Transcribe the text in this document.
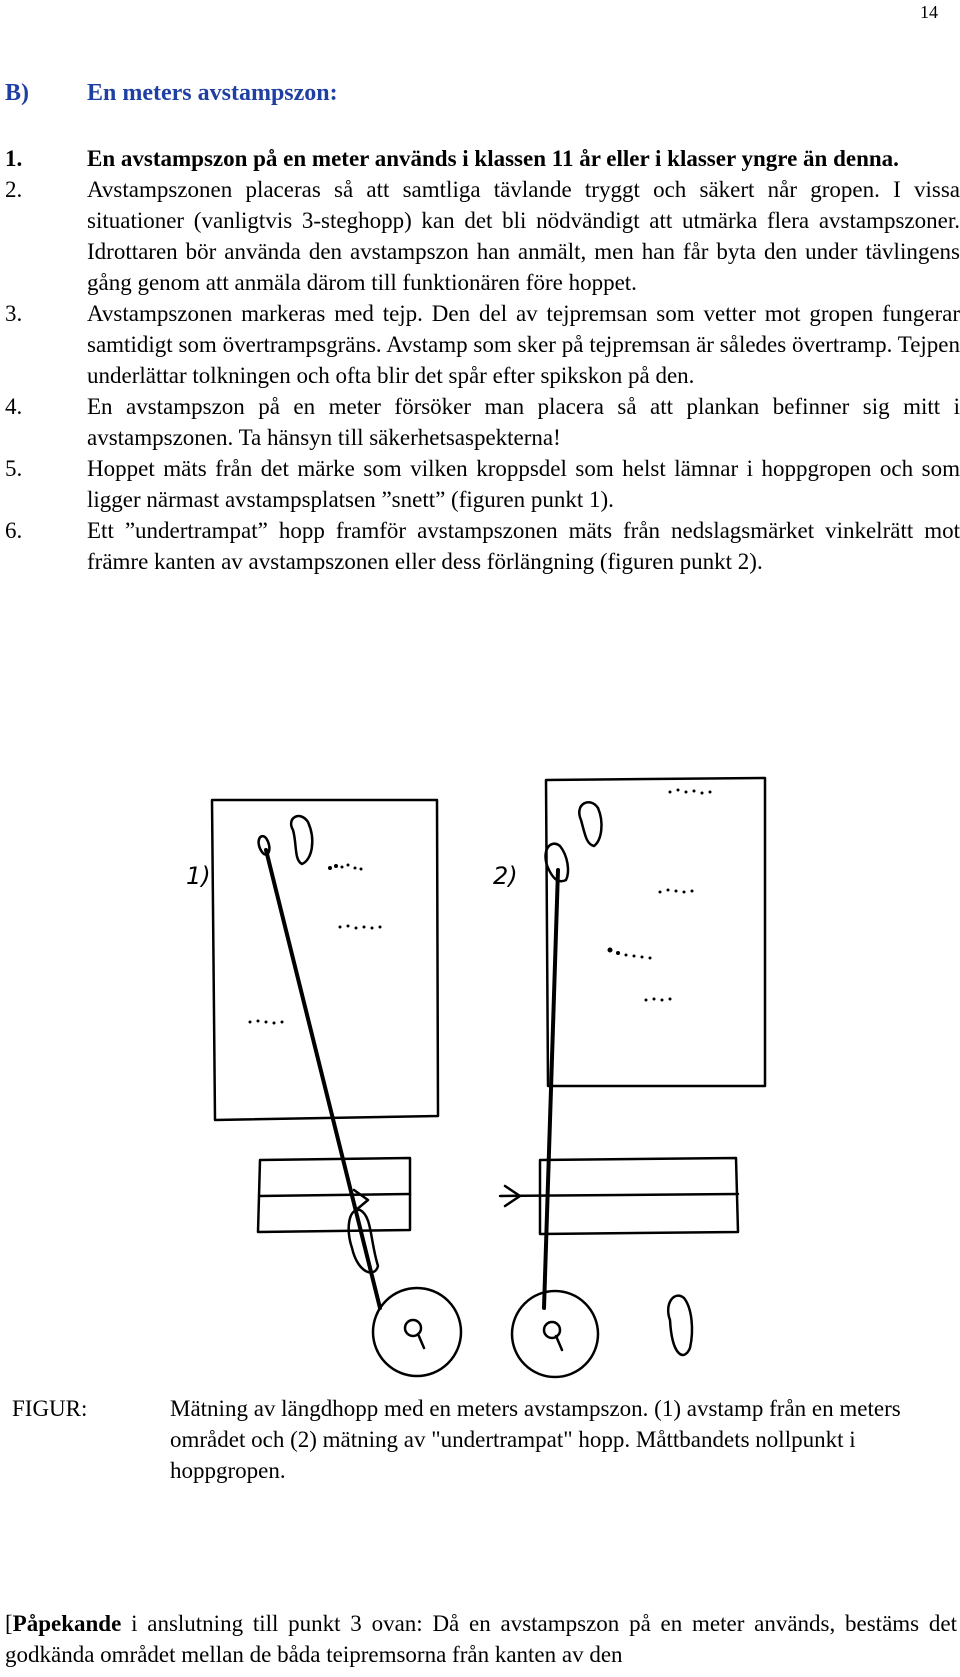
14
B) En meters avstampszon:
1.	En avstampszon på en meter används i klassen 11 år eller i klasser yngre än denna.
2.	Avstampszonen placeras så att samtliga tävlande tryggt och säkert når gropen. I vissa situationer (vanligtvis 3-steghopp) kan det bli nödvändigt att utmärka flera avstampszoner. Idrottaren bör använda den avstampszon han anmält, men han får byta den under tävlingens gång genom att anmäla därom till funktionären före hoppet.
3.	Avstampszonen markeras med tejp. Den del av tejpremsan som vetter mot gropen fungerar samtidigt som övertrampsgräns. Avstamp som sker på tejpremsan är således övertramp. Tejpen underlättar tolkningen och ofta blir det spår efter spikskon på den.
4.	En avstampszon på en meter försöker man placera så att plankan befinner sig mitt i avstampszonen. Ta hänsyn till säkerhetsaspekterna!
5.	Hoppet mäts från det märke som vilken kroppsdel som helst lämnar i hoppgropen och som ligger närmast avstampsplatsen ”snett” (figuren punkt 1).
6.	Ett ”undertrampat” hopp framför avstampszonen mäts från nedslagsmärket vinkelrätt mot främre kanten av avstampszonen eller dess förlängning (figuren punkt 2).
1)	2)
FIGUR:	Mätning av längdhopp med en meters avstampszon. (1) avstamp från en meters området och (2) mätning av "undertrampat" hopp. Måttbandets nollpunkt i hoppgropen.
[Påpekande i anslutning till punkt 3 ovan: Då en avstampszon på en meter används, bestäms det godkända området mellan de båda teipremsorna från kanten av den
